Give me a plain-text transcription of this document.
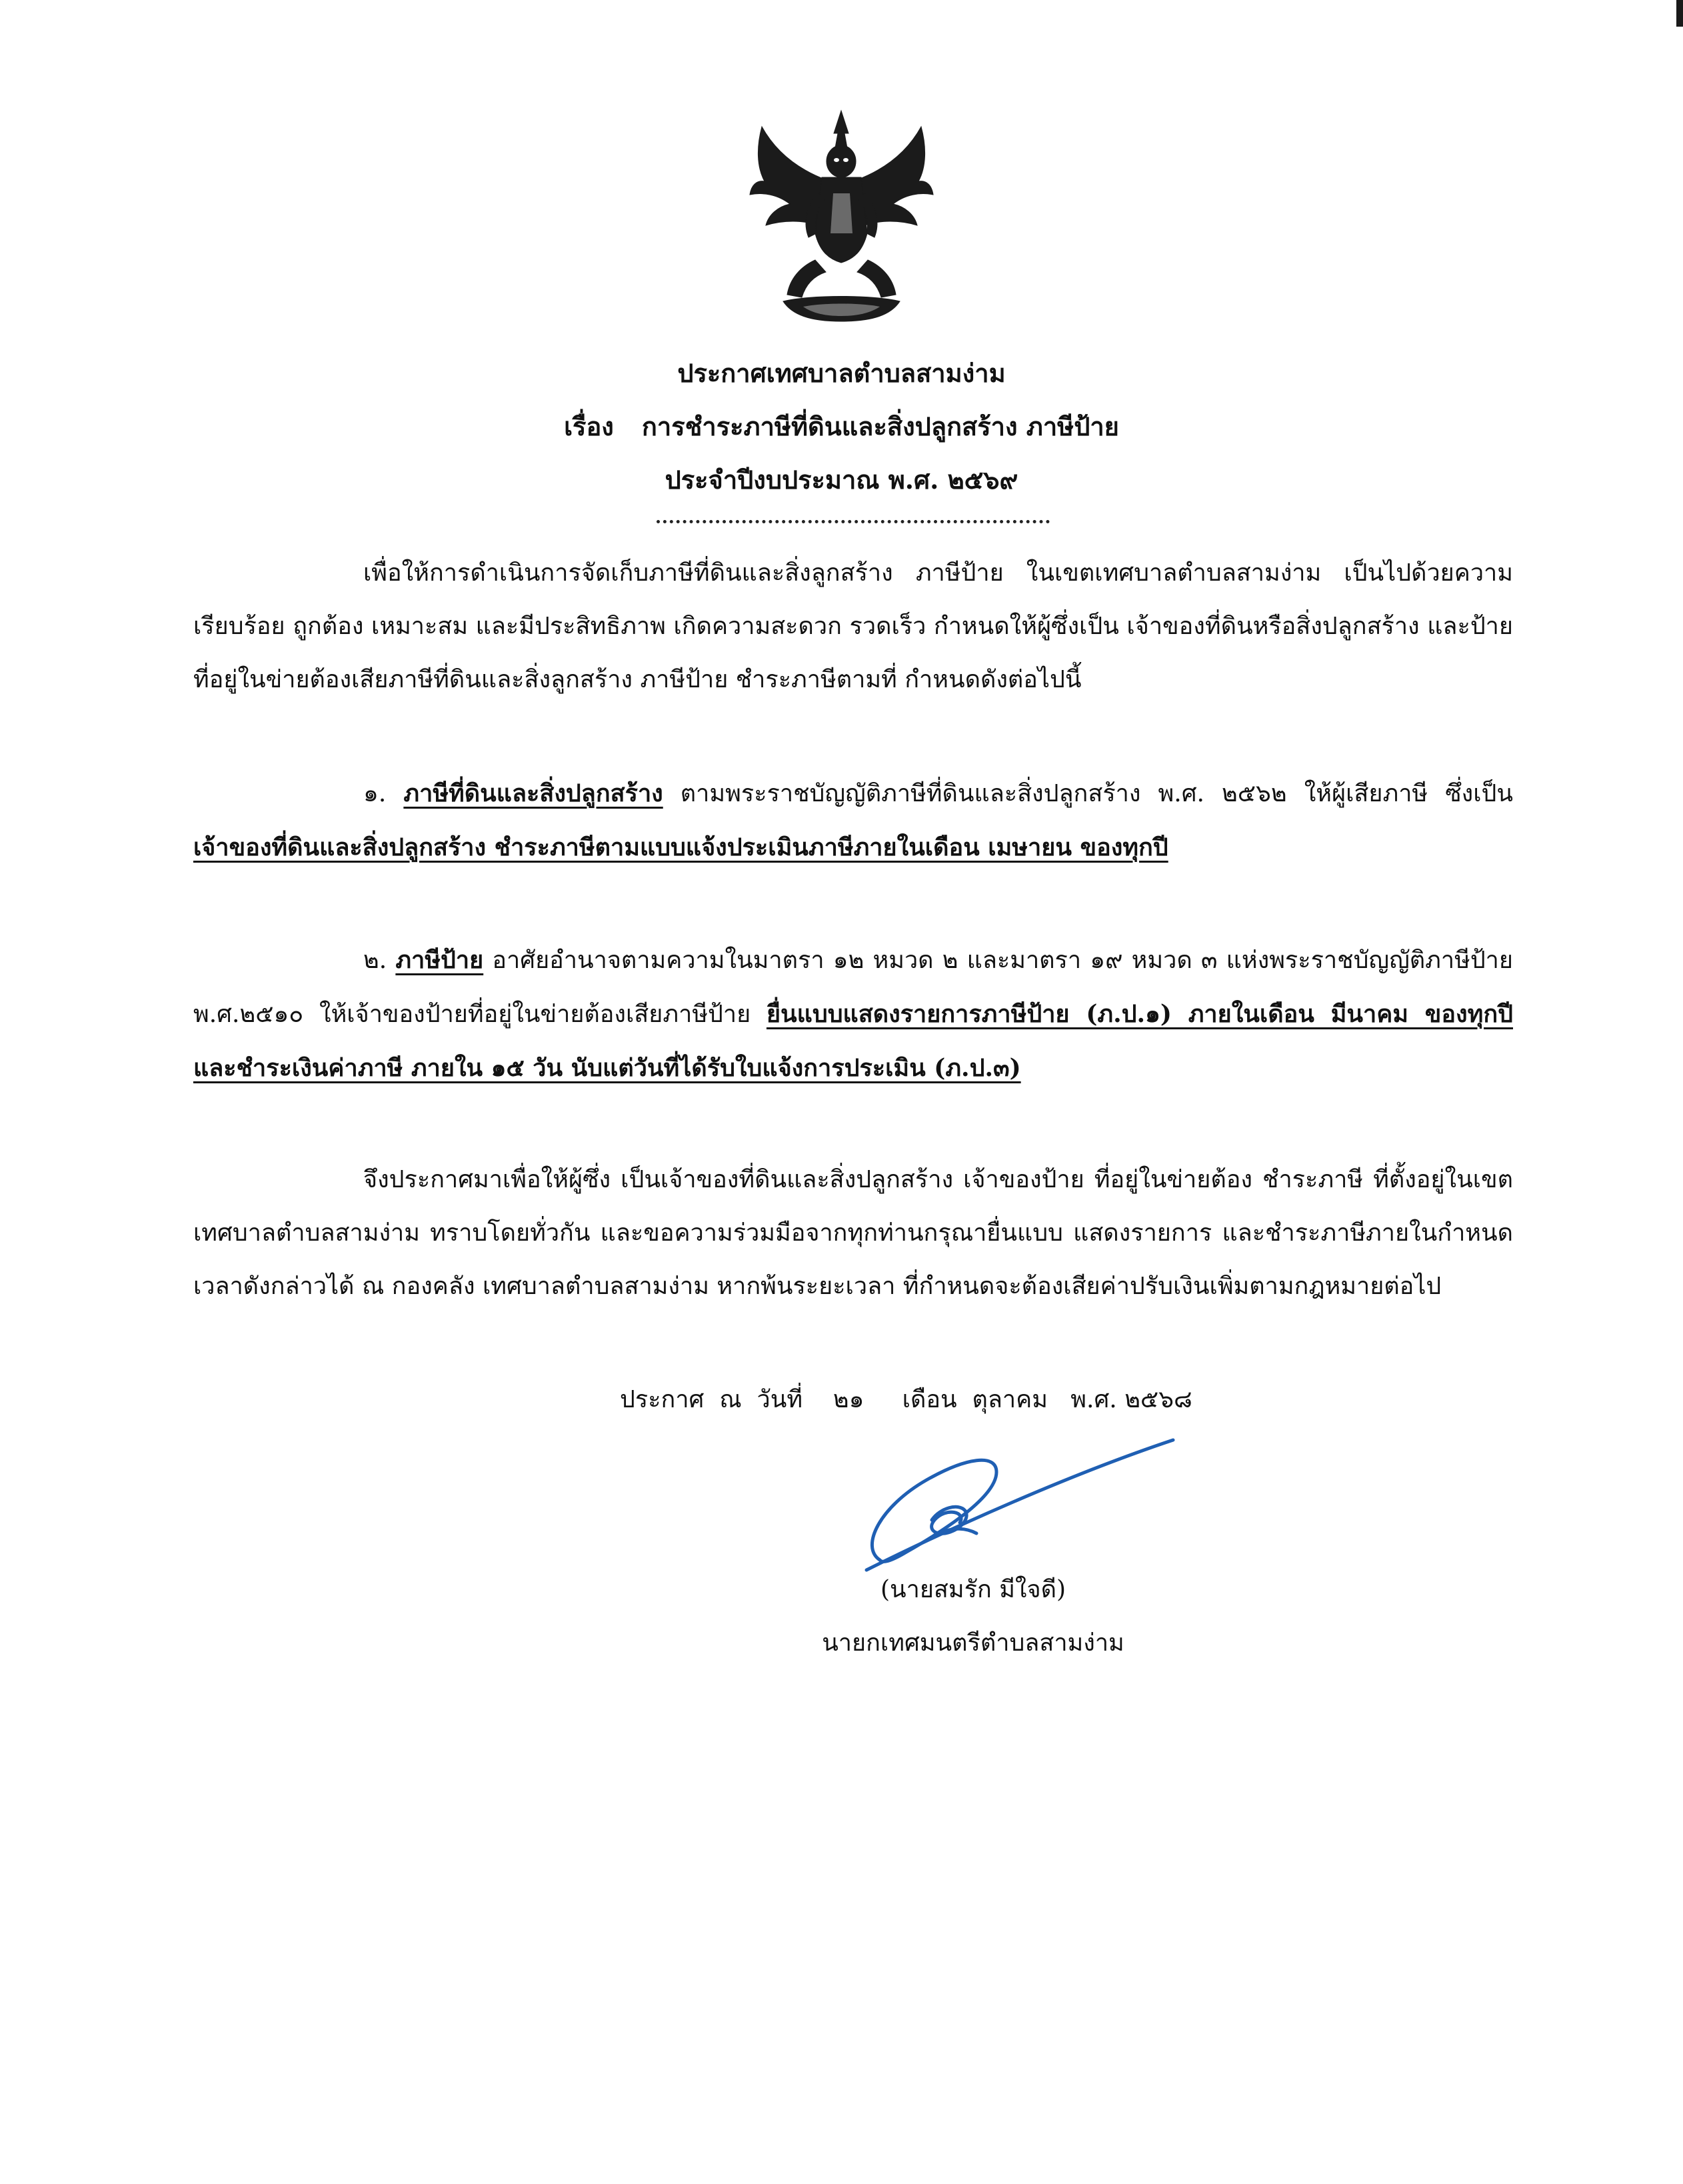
ประกาศเทศบาลตำบลสามง่าม
เรื่อง การชำระภาษีที่ดินและสิ่งปลูกสร้าง ภาษีป้าย
ประจำปีงบประมาณ พ.ศ. ๒๕๖๙

เพื่อให้การดำเนินการจัดเก็บภาษีที่ดินและสิ่งลูกสร้าง ภาษีป้าย ในเขตเทศบาลตำบลสามง่าม เป็นไปด้วยความเรียบร้อย ถูกต้อง เหมาะสม และมีประสิทธิภาพ เกิดความสะดวก รวดเร็ว กำหนดให้ผู้ซึ่งเป็น เจ้าของที่ดินหรือสิ่งปลูกสร้าง และป้าย ที่อยู่ในข่ายต้องเสียภาษีที่ดินและสิ่งลูกสร้าง ภาษีป้าย ชำระภาษีตามที่ กำหนดดังต่อไปนี้

๑. ภาษีที่ดินและสิ่งปลูกสร้าง ตามพระราชบัญญัติภาษีที่ดินและสิ่งปลูกสร้าง พ.ศ. ๒๕๖๒ ให้ผู้เสียภาษี ซึ่งเป็นเจ้าของที่ดินและสิ่งปลูกสร้าง ชำระภาษีตามแบบแจ้งประเมินภาษีภายในเดือน เมษายน ของทุกปี

๒. ภาษีป้าย อาศัยอำนาจตามความในมาตรา ๑๒ หมวด ๒ และมาตรา ๑๙ หมวด ๓ แห่งพระราชบัญญัติภาษีป้าย พ.ศ.๒๕๑๐ ให้เจ้าของป้ายที่อยู่ในข่ายต้องเสียภาษีป้าย ยื่นแบบแสดงรายการภาษีป้าย (ภ.ป.๑) ภายในเดือน มีนาคม ของทุกปี และชำระเงินค่าภาษี ภายใน ๑๕ วัน นับแต่วันที่ได้รับใบแจ้งการประเมิน (ภ.ป.๓)

จึงประกาศมาเพื่อให้ผู้ซึ่ง เป็นเจ้าของที่ดินและสิ่งปลูกสร้าง เจ้าของป้าย ที่อยู่ในข่ายต้อง ชำระภาษี ที่ตั้งอยู่ในเขตเทศบาลตำบลสามง่าม ทราบโดยทั่วกัน และขอความร่วมมือจากทุกท่านกรุณายื่นแบบ แสดงรายการ และชำระภาษีภายในกำหนดเวลาดังกล่าวได้ ณ กองคลัง เทศบาลตำบลสามง่าม หากพ้นระยะเวลา ที่กำหนดจะต้องเสียค่าปรับเงินเพิ่มตามกฎหมายต่อไป

ประกาศ  ณ  วันที่    ๒๑     เดือน  ตุลาคม   พ.ศ. ๒๕๖๘
(นายสมรัก มีใจดี)
นายกเทศมนตรีตำบลสามง่าม
